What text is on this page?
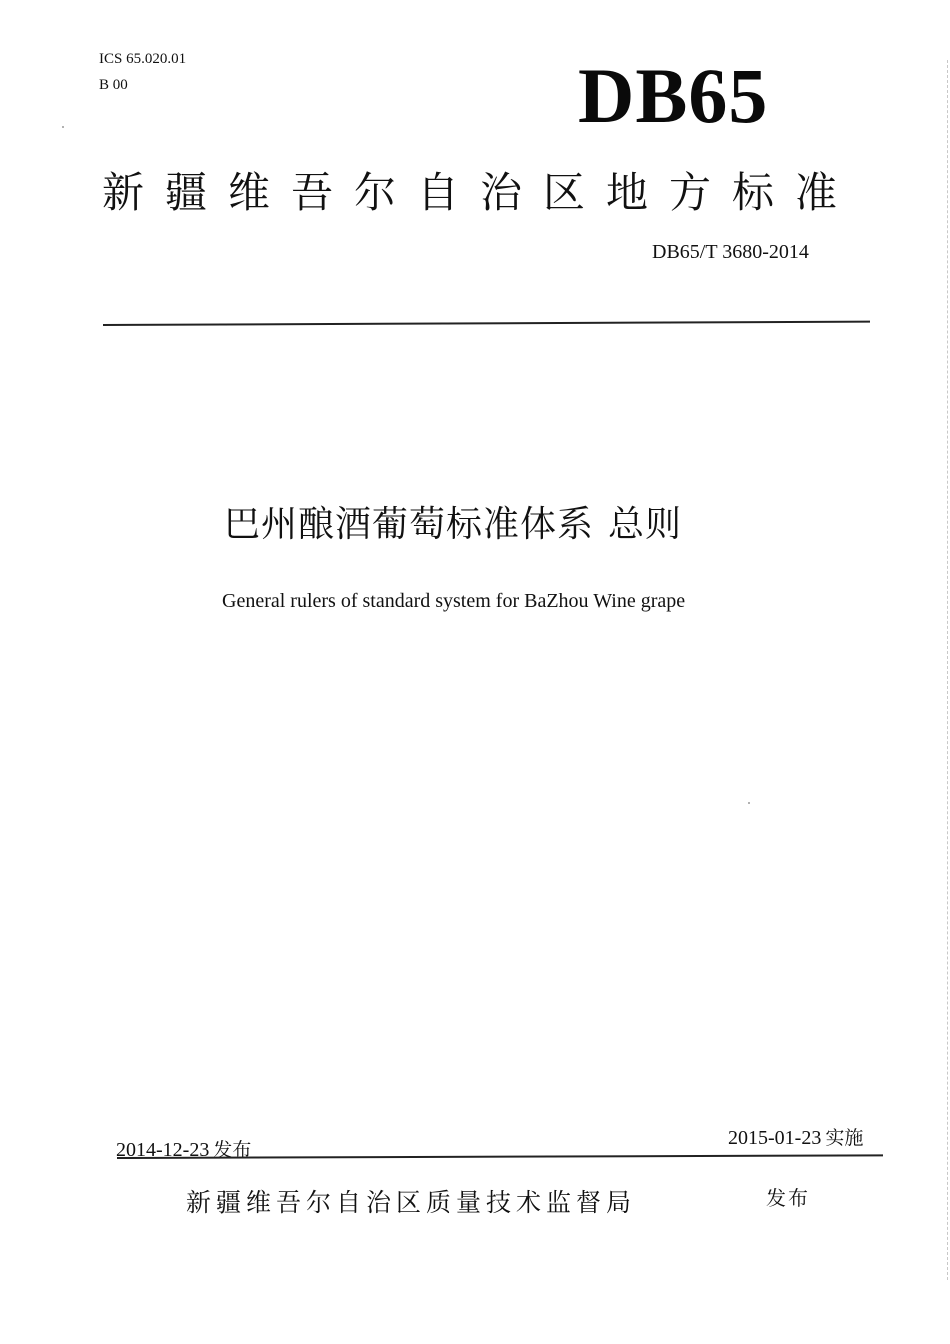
ICS 65.020.01
B 00	DB65
新疆维吾尔自治区地方标准
DB65/T 3680-2014
巴州酿酒葡萄标准体系 总则
General rulers of standard system for BaZhou Wine grape
2014-12-23 发布
2015-01-23 实施
新疆维吾尔自治区质量技术监督局	发布
